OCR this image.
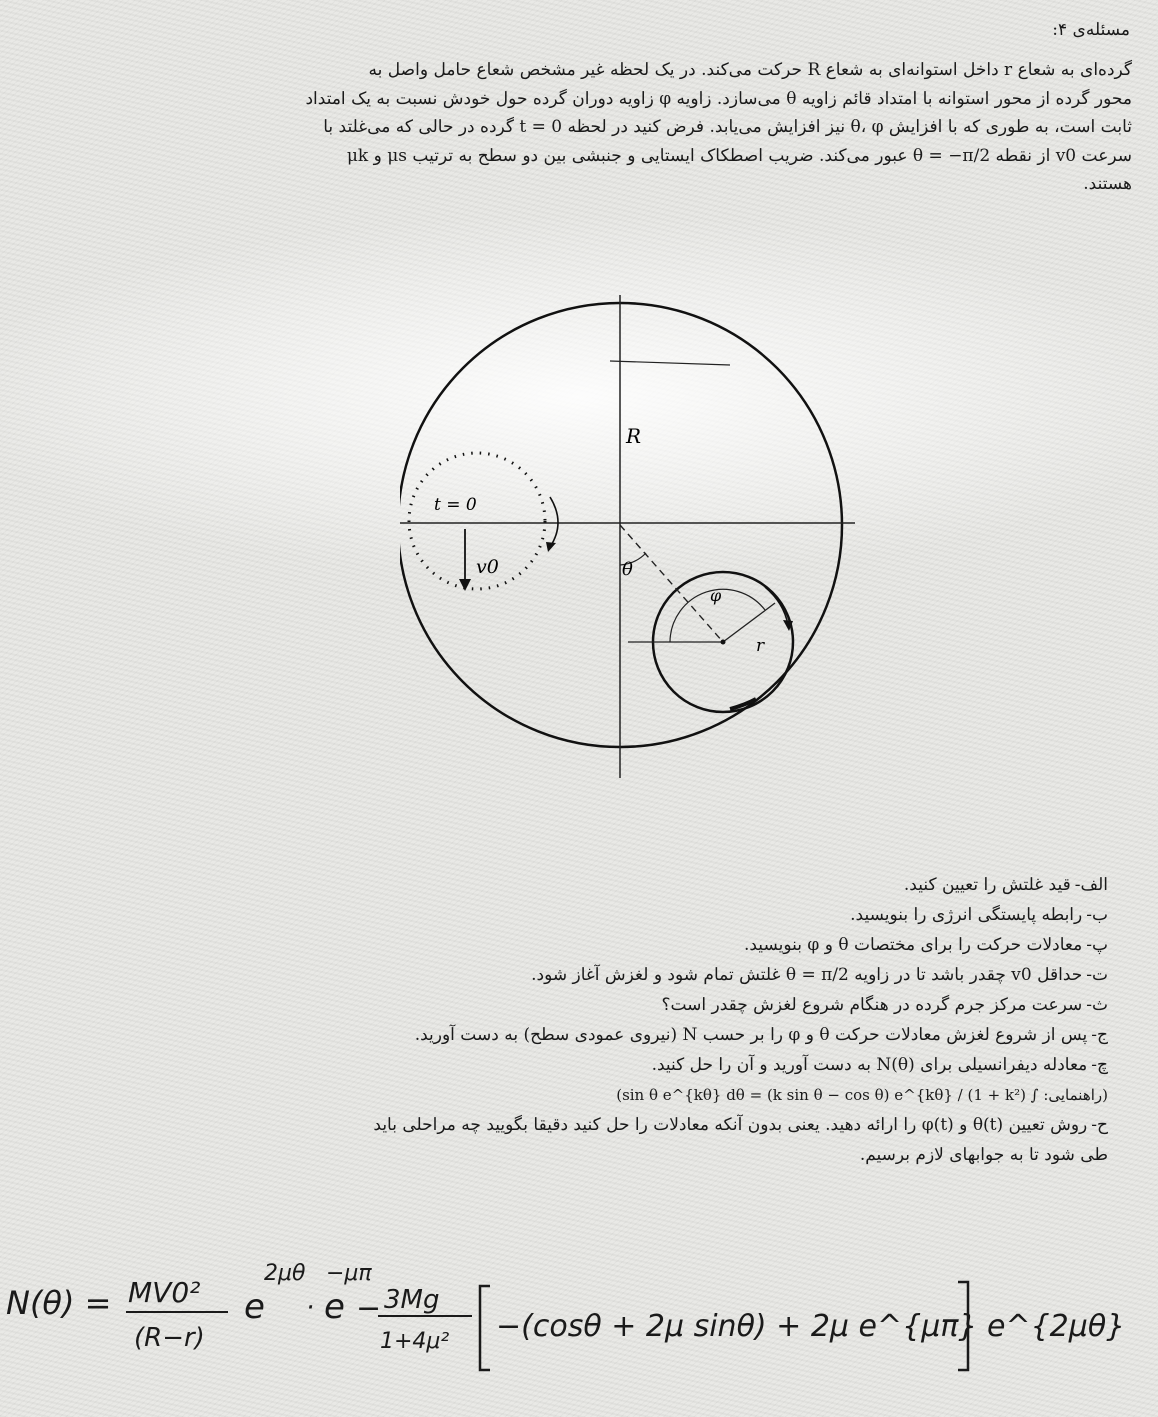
مسئله‌ی ۴:

گرده‌ای به شعاع r داخل استوانه‌ای به شعاع R حرکت می‌کند. در یک لحظه غیر مشخص شعاع حامل واصل به

محور گرده از محور استوانه با امتداد قائم زاویه θ می‌سازد. زاویه φ زاویه دوران گرده حول خودش نسبت به یک امتداد

ثابت است، به طوری که با افزایش θ، φ نیز افزایش می‌یابد. فرض کنید در لحظه t = 0 گرده در حالی که می‌غلتد با

سرعت v0 از نقطه θ = −π/2 عبور می‌کند. ضریب اصطکاک ایستایی و جنبشی بین دو سطح به ترتیب μs و μk

هستند.

R
t = 0
v0
φ
θ
r

الف-قید غلتش را تعیین کنید.

ب-رابطه پایستگی انرژی را بنویسید.

پ-معادلات حرکت را برای مختصات θ و φ بنویسید.

ت-حداقل v0 چقدر باشد تا در زاویه θ = π/2 غلتش تمام شود و لغزش آغاز شود.

ث-سرعت مرکز جرم گرده در هنگام شروع لغزش چقدر است؟

ج-پس از شروع لغزش معادلات حرکت θ و φ را بر حسب N (نیروی عمودی سطح) به دست آورید.

چ-معادله دیفرانسیلی برای N(θ) به دست آورید و آن را حل کنید.

(راهنمایی: ∫ sin θ e^{kθ} dθ = (k sin θ − cos θ) e^{kθ} / (1 + k²))

ح-روش تعیین θ(t) و φ(t) را ارائه دهید. یعنی بدون آنکه معادلات را حل کنید دقیقا بگویید چه مراحلی باید

طی شود تا به جوابهای لازم برسیم.

N(θ) = MV0²
(R−r)
e
2μθ
· e
−μπ
− 3Mg
1+4μ² −(cosθ + 2μ sinθ) + 2μ e^{μπ} e^{2μθ}
